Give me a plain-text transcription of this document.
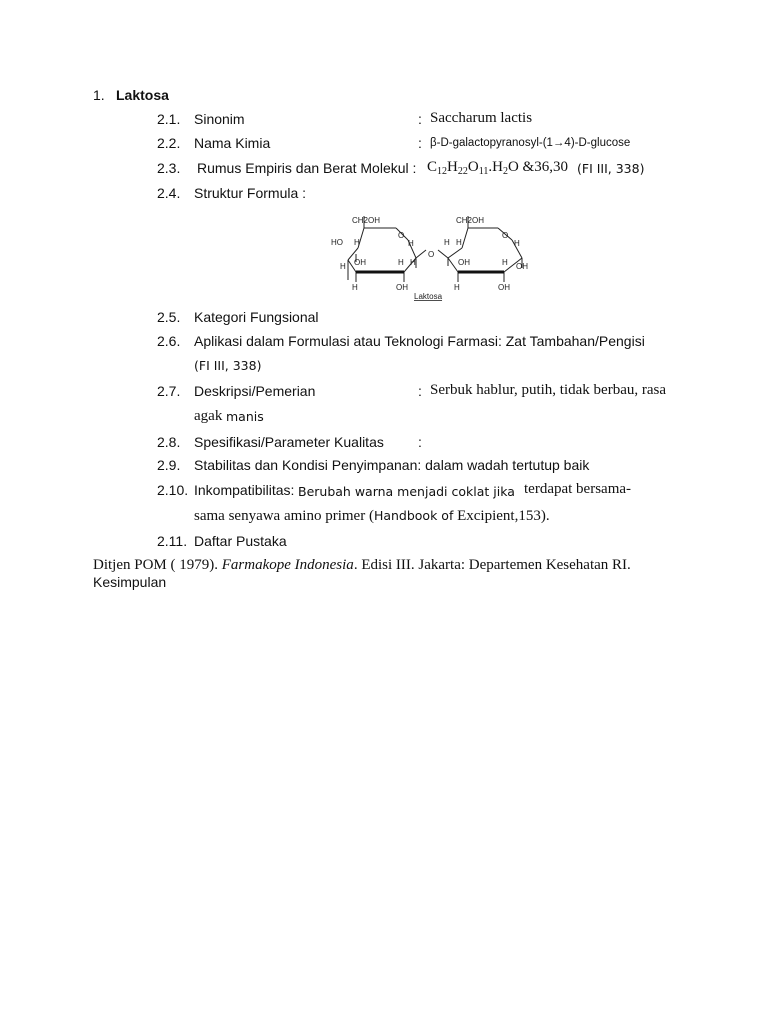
1. Laktosa
2.1. Sinonim	: Saccharum lactis
2.2. Nama Kimia	: β-D-galactopyranosyl-(1→4)-D-glucose
2.3. Rumus Empiris dan Berat Molekul : $C_{12}H_{22}O_{11}.H_2O$ &36,30 (FI III, 338)
2.4. Struktur Formula :
CH2OH	CH2OH
O	O
O
HO H	H	H H	H
H OH	H H	OH	H OH
H	OH	H	OH
Laktosa
2.5. Kategori Fungsional
2.6. Aplikasi dalam Formulasi atau Teknologi Farmasi: Zat Tambahan/Pengisi
(FI III, 338)
2.7. Deskripsi/Pemerian	: Serbuk hablur, putih, tidak berbau, rasa
agak manis
2.8. Spesifikasi/Parameter Kualitas :
2.9. Stabilitas dan Kondisi Penyimpanan: dalam wadah tertutup baik
2.10. Inkompatibilitas: Berubah warna menjadi coklat jika terdapat bersama-
sama senyawa amino primer (Handbook of Excipient,153).
2.11. Daftar Pustaka
Ditjen POM ( 1979). Farmakope Indonesia. Edisi III. Jakarta: Departemen Kesehatan RI.
Kesimpulan
